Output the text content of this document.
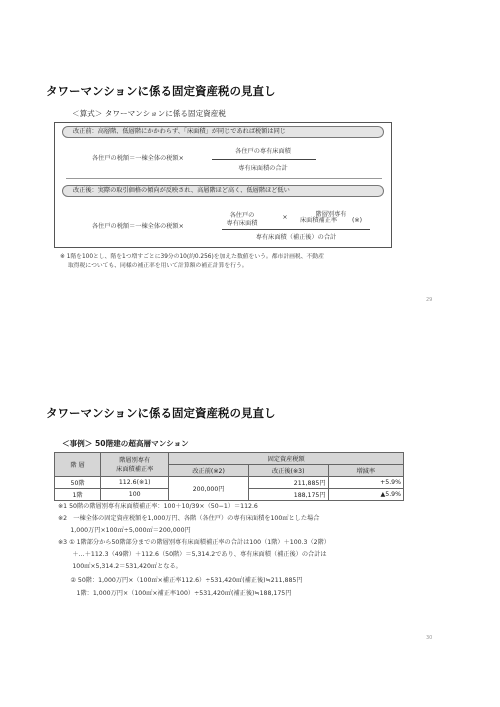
タワーマンションに係る固定資産税の見直し
＜算式＞ タワーマンションに係る固定資産税
改正前：高層階、低層階にかかわらず、「床面積」が同じであれば税額は同じ
各住戸の税額＝一棟全体の税額×
各住戸の専有床面積
専有床面積の合計
改正後：実際の取引価格の傾向が反映され、高層階ほど高く、低層階ほど低い
各住戸の税額＝一棟全体の税額×
各住戸の
専有床面積
×	階層別専有
床面積補正率 (※)
専有床面積（補正後）の合計
※ 1階を100とし、階を1つ増すごとに39分の10(約0.256)を加えた数値をいう。都市計画税、不動産
取得税についても、同様の補正率を用いて計算額の補正計算を行う。
29
タワーマンションに係る固定資産税の見直し
＜事例＞ 50階建の超高層マンション
階 層	階層別専有
床面積補正率	固定資産税額		
		改正前(※2)	改正後(※3)	増減率
50階	112.6(※1)	200,000円	211,885円	+5.9%
1階	100		188,175円	▲5.9%
※1 50階の階層別専有床面積補正率：100＋10/39×（50−1）＝112.6
※2　一棟全体の固定資産税額を1,000万円、各階（各住戸）の専有床面積を100㎡とした場合
　　1,000万円×100㎡÷5,000㎡＝200,000円
※3 ① 1階部分から50階部分までの階層別専有床面積補正率の合計は100（1階）＋100.3（2階）
　　 ＋…＋112.3（49階）＋112.6（50階）＝5,314.2であり、専有床面積（補正後）の合計は
　　 100㎡×5,314.2＝531,420㎡となる。
　　② 50階：1,000万円×（100㎡×補正率112.6）÷531,420㎡(補正後)≒211,885円
　　　1階：1,000万円×（100㎡×補正率100）÷531,420㎡(補正後)≒188,175円
30
